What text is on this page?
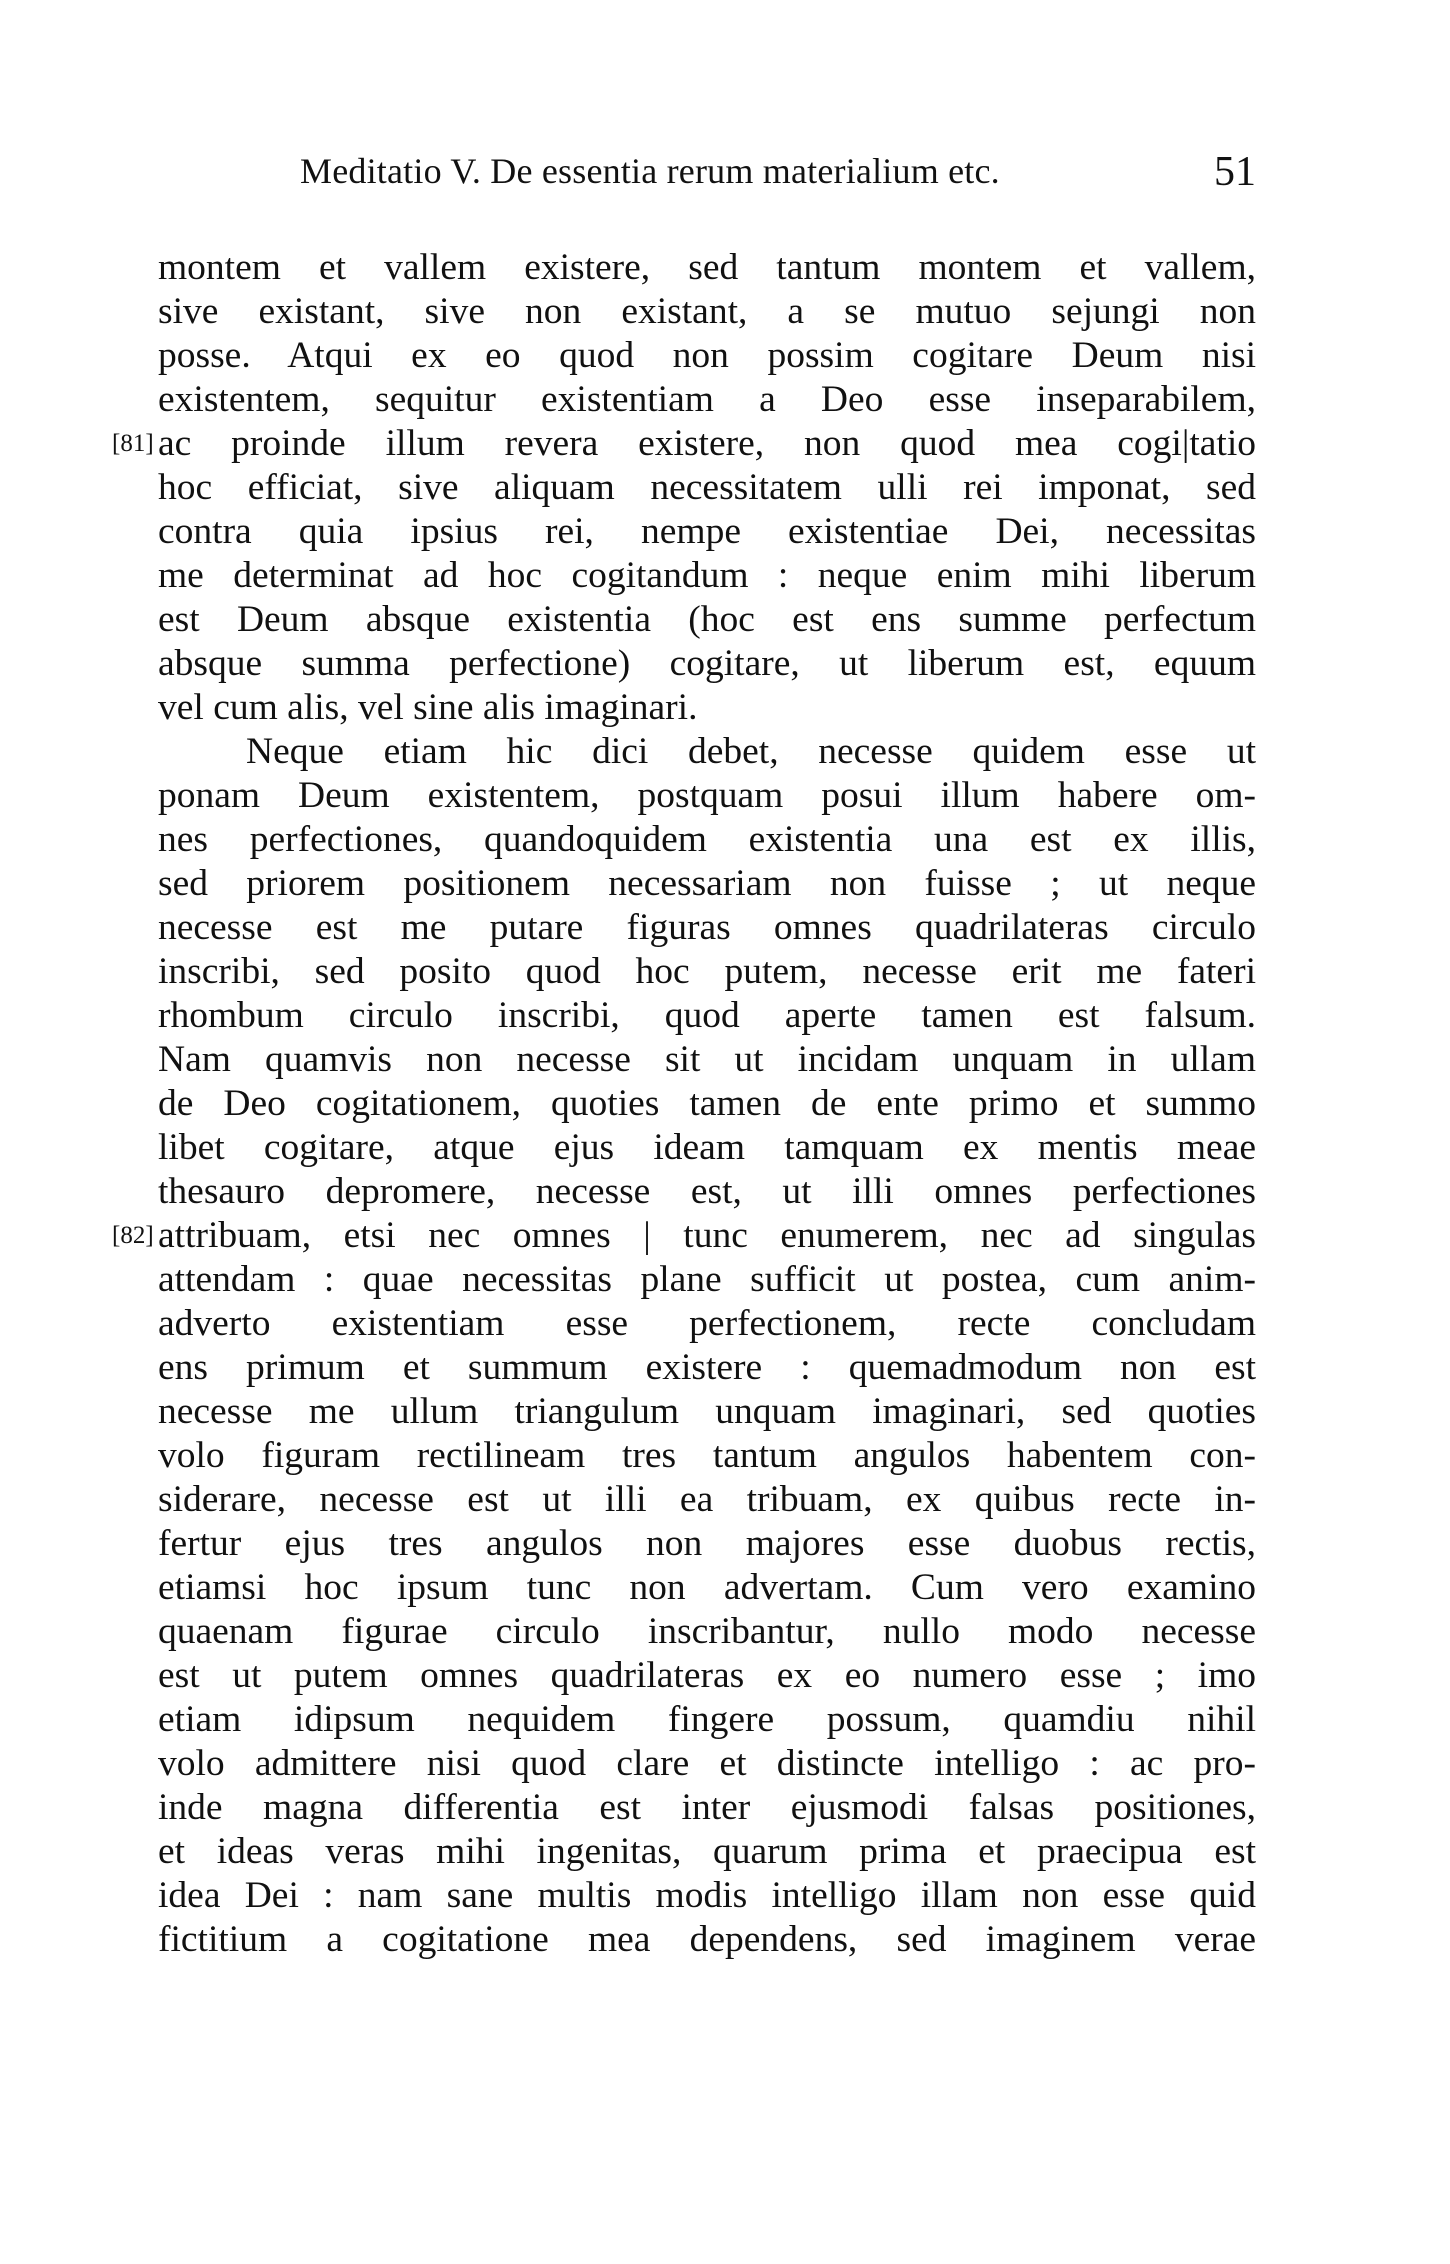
Meditatio V. De essentia rerum materialium etc.	51
montem et vallem existere, sed tantum montem et vallem,
sive existant, sive non existant, a se mutuo sejungi non
posse. Atqui ex eo quod non possim cogitare Deum nisi
existentem, sequitur existentiam a Deo esse inseparabilem,
ac proinde illum revera existere, non quod mea cogi|tatio
hoc efficiat, sive aliquam necessitatem ulli rei imponat, sed
contra quia ipsius rei, nempe existentiae Dei, necessitas
me determinat ad hoc cogitandum : neque enim mihi liberum
est Deum absque existentia (hoc est ens summe perfectum
absque summa perfectione) cogitare, ut liberum est, equum
vel cum alis, vel sine alis imaginari.
Neque etiam hic dici debet, necesse quidem esse ut
ponam Deum existentem, postquam posui illum habere om-
nes perfectiones, quandoquidem existentia una est ex illis,
sed priorem positionem necessariam non fuisse ; ut neque
necesse est me putare figuras omnes quadrilateras circulo
inscribi, sed posito quod hoc putem, necesse erit me fateri
rhombum circulo inscribi, quod aperte tamen est falsum.
Nam quamvis non necesse sit ut incidam unquam in ullam
de Deo cogitationem, quoties tamen de ente primo et summo
libet cogitare, atque ejus ideam tamquam ex mentis meae
thesauro depromere, necesse est, ut illi omnes perfectiones
attribuam, etsi nec omnes | tunc enumerem, nec ad singulas
attendam : quae necessitas plane sufficit ut postea, cum anim-
adverto existentiam esse perfectionem, recte concludam
ens primum et summum existere : quemadmodum non est
necesse me ullum triangulum unquam imaginari, sed quoties
volo figuram rectilineam tres tantum angulos habentem con-
siderare, necesse est ut illi ea tribuam, ex quibus recte in-
fertur ejus tres angulos non majores esse duobus rectis,
etiamsi hoc ipsum tunc non advertam. Cum vero examino
quaenam figurae circulo inscribantur, nullo modo necesse
est ut putem omnes quadrilateras ex eo numero esse ; imo
etiam idipsum nequidem fingere possum, quamdiu nihil
volo admittere nisi quod clare et distincte intelligo : ac pro-
inde magna differentia est inter ejusmodi falsas positiones,
et ideas veras mihi ingenitas, quarum prima et praecipua est
idea Dei : nam sane multis modis intelligo illam non esse quid
fictitium a cogitatione mea dependens, sed imaginem verae
[81]
[82]
